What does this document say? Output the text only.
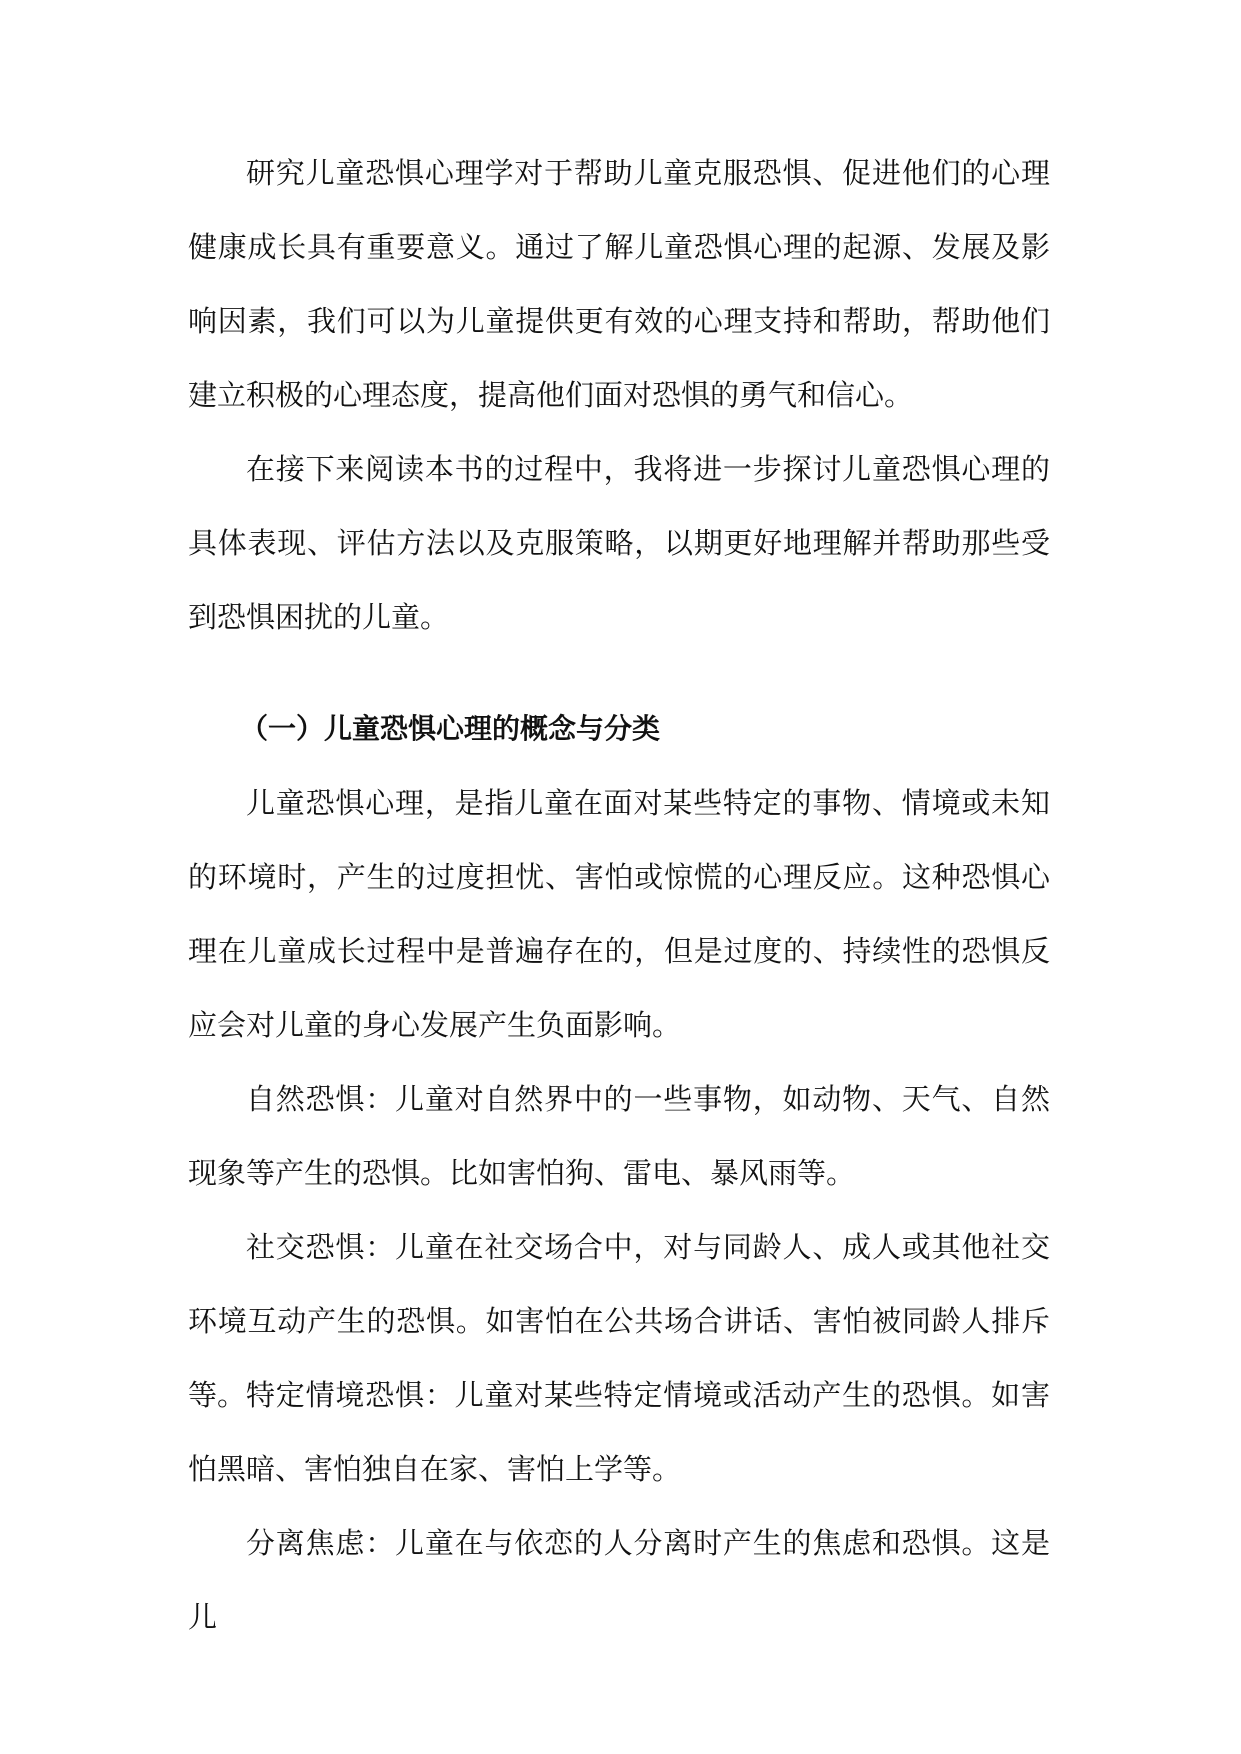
研究儿童恐惧心理学对于帮助儿童克服恐惧、促进他们的心理健康成长具有重要意义。通过了解儿童恐惧心理的起源、发展及影响因素，我们可以为儿童提供更有效的心理支持和帮助，帮助他们建立积极的心理态度，提高他们面对恐惧的勇气和信心。

在接下来阅读本书的过程中，我将进一步探讨儿童恐惧心理的具体表现、评估方法以及克服策略，以期更好地理解并帮助那些受到恐惧困扰的儿童。

（一）儿童恐惧心理的概念与分类

儿童恐惧心理，是指儿童在面对某些特定的事物、情境或未知的环境时，产生的过度担忧、害怕或惊慌的心理反应。这种恐惧心理在儿童成长过程中是普遍存在的，但是过度的、持续性的恐惧反应会对儿童的身心发展产生负面影响。

自然恐惧：儿童对自然界中的一些事物，如动物、天气、自然现象等产生的恐惧。比如害怕狗、雷电、暴风雨等。

社交恐惧：儿童在社交场合中，对与同龄人、成人或其他社交环境互动产生的恐惧。如害怕在公共场合讲话、害怕被同龄人排斥等。 特定情境恐惧：儿童对某些特定情境或活动产生的恐惧。如害怕黑暗、害怕独自在家、害怕上学等。

分离焦虑：儿童在与依恋的人分离时产生的焦虑和恐惧。这是儿
